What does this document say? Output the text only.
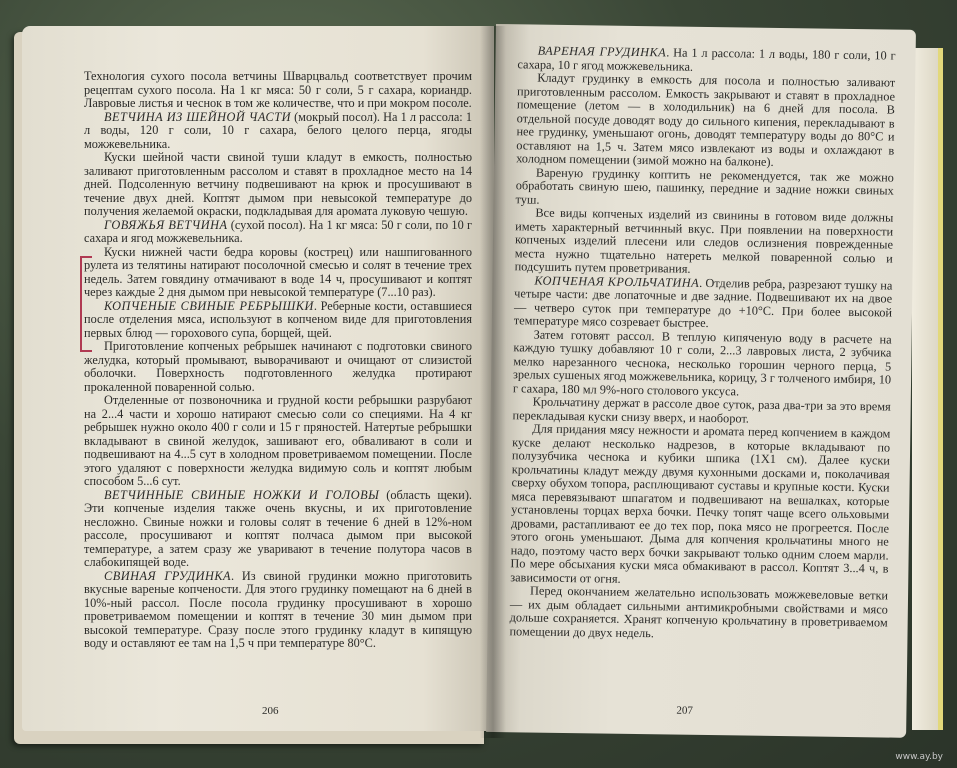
Технология сухого посола ветчины Шварцвальд соответствует прочим рецептам сухого посола. На 1 кг мяса: 50 г соли, 5 г сахара, кориандр. Лавровые листья и чеснок в том же количестве, что и при мокром посоле.

ВЕТЧИНА ИЗ ШЕЙНОЙ ЧАСТИ (мокрый посол). На 1 л рассола: 1 л воды, 120 г соли, 10 г сахара, белого целого перца, ягоды можжевельника.

Куски шейной части свиной туши кладут в емкость, полностью заливают приготовленным рассолом и ставят в прохладное место на 14 дней. Подсоленную ветчину подвешивают на крюк и просушивают в течение двух дней. Коптят дымом при невысокой температуре до получения желаемой окраски, подкладывая для аромата луковую чешую.

ГОВЯЖЬЯ ВЕТЧИНА (сухой посол). На 1 кг мяса: 50 г соли, по 10 г сахара и ягод можжевельника.

Куски нижней части бедра коровы (кострец) или нашпигованного рулета из телятины натирают посолочной смесью и солят в течение трех недель. Затем говядину отмачивают в воде 14 ч, просушивают и коптят через каждые 2 дня дымом при невысокой температуре (7...10 раз).

КОПЧЕНЫЕ СВИНЫЕ РЕБРЫШКИ. Реберные кости, оставшиеся после отделения мяса, используют в копченом виде для приготовления первых блюд — горохового супа, борщей, щей.

Приготовление копченых ребрышек начинают с подготовки свиного желудка, который промывают, выворачивают и очищают от слизистой оболочки. Поверхность подготовленного желудка протирают прокаленной поваренной солью.

Отделенные от позвоночника и грудной кости ребрышки разрубают на 2...4 части и хорошо натирают смесью соли со специями. На 4 кг ребрышек нужно около 400 г соли и 15 г пряностей. Натертые ребрышки вкладывают в свиной желудок, зашивают его, обваливают в соли и подвешивают на 4...5 сут в холодном проветриваемом помещении. После этого удаляют с поверхности желудка видимую соль и коптят любым способом 5...6 сут.

ВЕТЧИННЫЕ СВИНЫЕ НОЖКИ И ГОЛОВЫ (область щеки). Эти копченые изделия также очень вкусны, и их приготовление несложно. Свиные ножки и головы солят в течение 6 дней в 12%-ном рассоле, просушивают и коптят полчаса дымом при высокой температуре, а затем сразу же уваривают в течение полутора часов в слабокипящей воде.

СВИНАЯ ГРУДИНКА. Из свиной грудинки можно приготовить вкусные вареные копчености. Для этого грудинку помещают на 6 дней в 10%-ный рассол. После посола грудинку просушивают в хорошо проветриваемом помещении и коптят в течение 30 мин дымом при высокой температуре. Сразу после этого грудинку кладут в кипящую воду и оставляют ее там на 1,5 ч при температуре 80°С.

206

ВАРЕНАЯ ГРУДИНКА. На 1 л рассола: 1 л воды, 180 г соли, 10 г сахара, 10 г ягод можжевельника.

Кладут грудинку в емкость для посола и полностью заливают приготовленным рассолом. Емкость закрывают и ставят в прохладное помещение (летом — в холодильник) на 6 дней для посола. В отдельной посуде доводят воду до сильного кипения, перекладывают в нее грудинку, уменьшают огонь, доводят температуру воды до 80°С и оставляют на 1,5 ч. Затем мясо извлекают из воды и охлаждают в холодном помещении (зимой можно на балконе).

Вареную грудинку коптить не рекомендуется, так же можно обработать свиную шею, пашинку, передние и задние ножки свиных туш.

Все виды копченых изделий из свинины в готовом виде должны иметь характерный ветчинный вкус. При появлении на поверхности копченых изделий плесени или следов ослизнения поврежденные места нужно тщательно натереть мелкой поваренной солью и подсушить путем проветривания.

КОПЧЕНАЯ КРОЛЬЧАТИНА. Отделив ребра, разрезают тушку на четыре части: две лопаточные и две задние. Подвешивают их на двое — четверо суток при температуре до +10°С. При более высокой температуре мясо созревает быстрее.

Затем готовят рассол. В теплую кипяченую воду в расчете на каждую тушку добавляют 10 г соли, 2...3 лавровых листа, 2 зубчика мелко нарезанного чеснока, несколько горошин черного перца, 5 зрелых сушеных ягод можжевельника, корицу, 3 г толченого имбиря, 10 г сахара, 180 мл 9%-ного столового уксуса.

Крольчатину держат в рассоле двое суток, раза два-три за это время перекладывая куски снизу вверх, и наоборот.

Для придания мясу нежности и аромата перед копчением в каждом куске делают несколько надрезов, в которые вкладывают по полузубчика чеснока и кубики шпика (1Х1 см). Далее куски крольчатины кладут между двумя кухонными досками и, поколачивая сверху обухом топора, расплющивают суставы и крупные кости. Куски мяса перевязывают шпагатом и подвешивают на вешалках, которые установлены торцах верха бочки. Печку топят чаще всего ольховыми дровами, растапливают ее до тех пор, пока мясо не прогреется. После этого огонь уменьшают. Дыма для копчения крольчатины много не надо, поэтому часто верх бочки закрывают только одним слоем марли. По мере обсыхания куски мяса обмакивают в рассол. Коптят 3...4 ч, в зависимости от огня.

Перед окончанием желательно использовать можжевеловые ветки — их дым обладает сильными антимикробными свойствами и мясо дольше сохраняется. Хранят копченую крольчатину в проветриваемом помещении до двух недель.

207
www.ay.by
